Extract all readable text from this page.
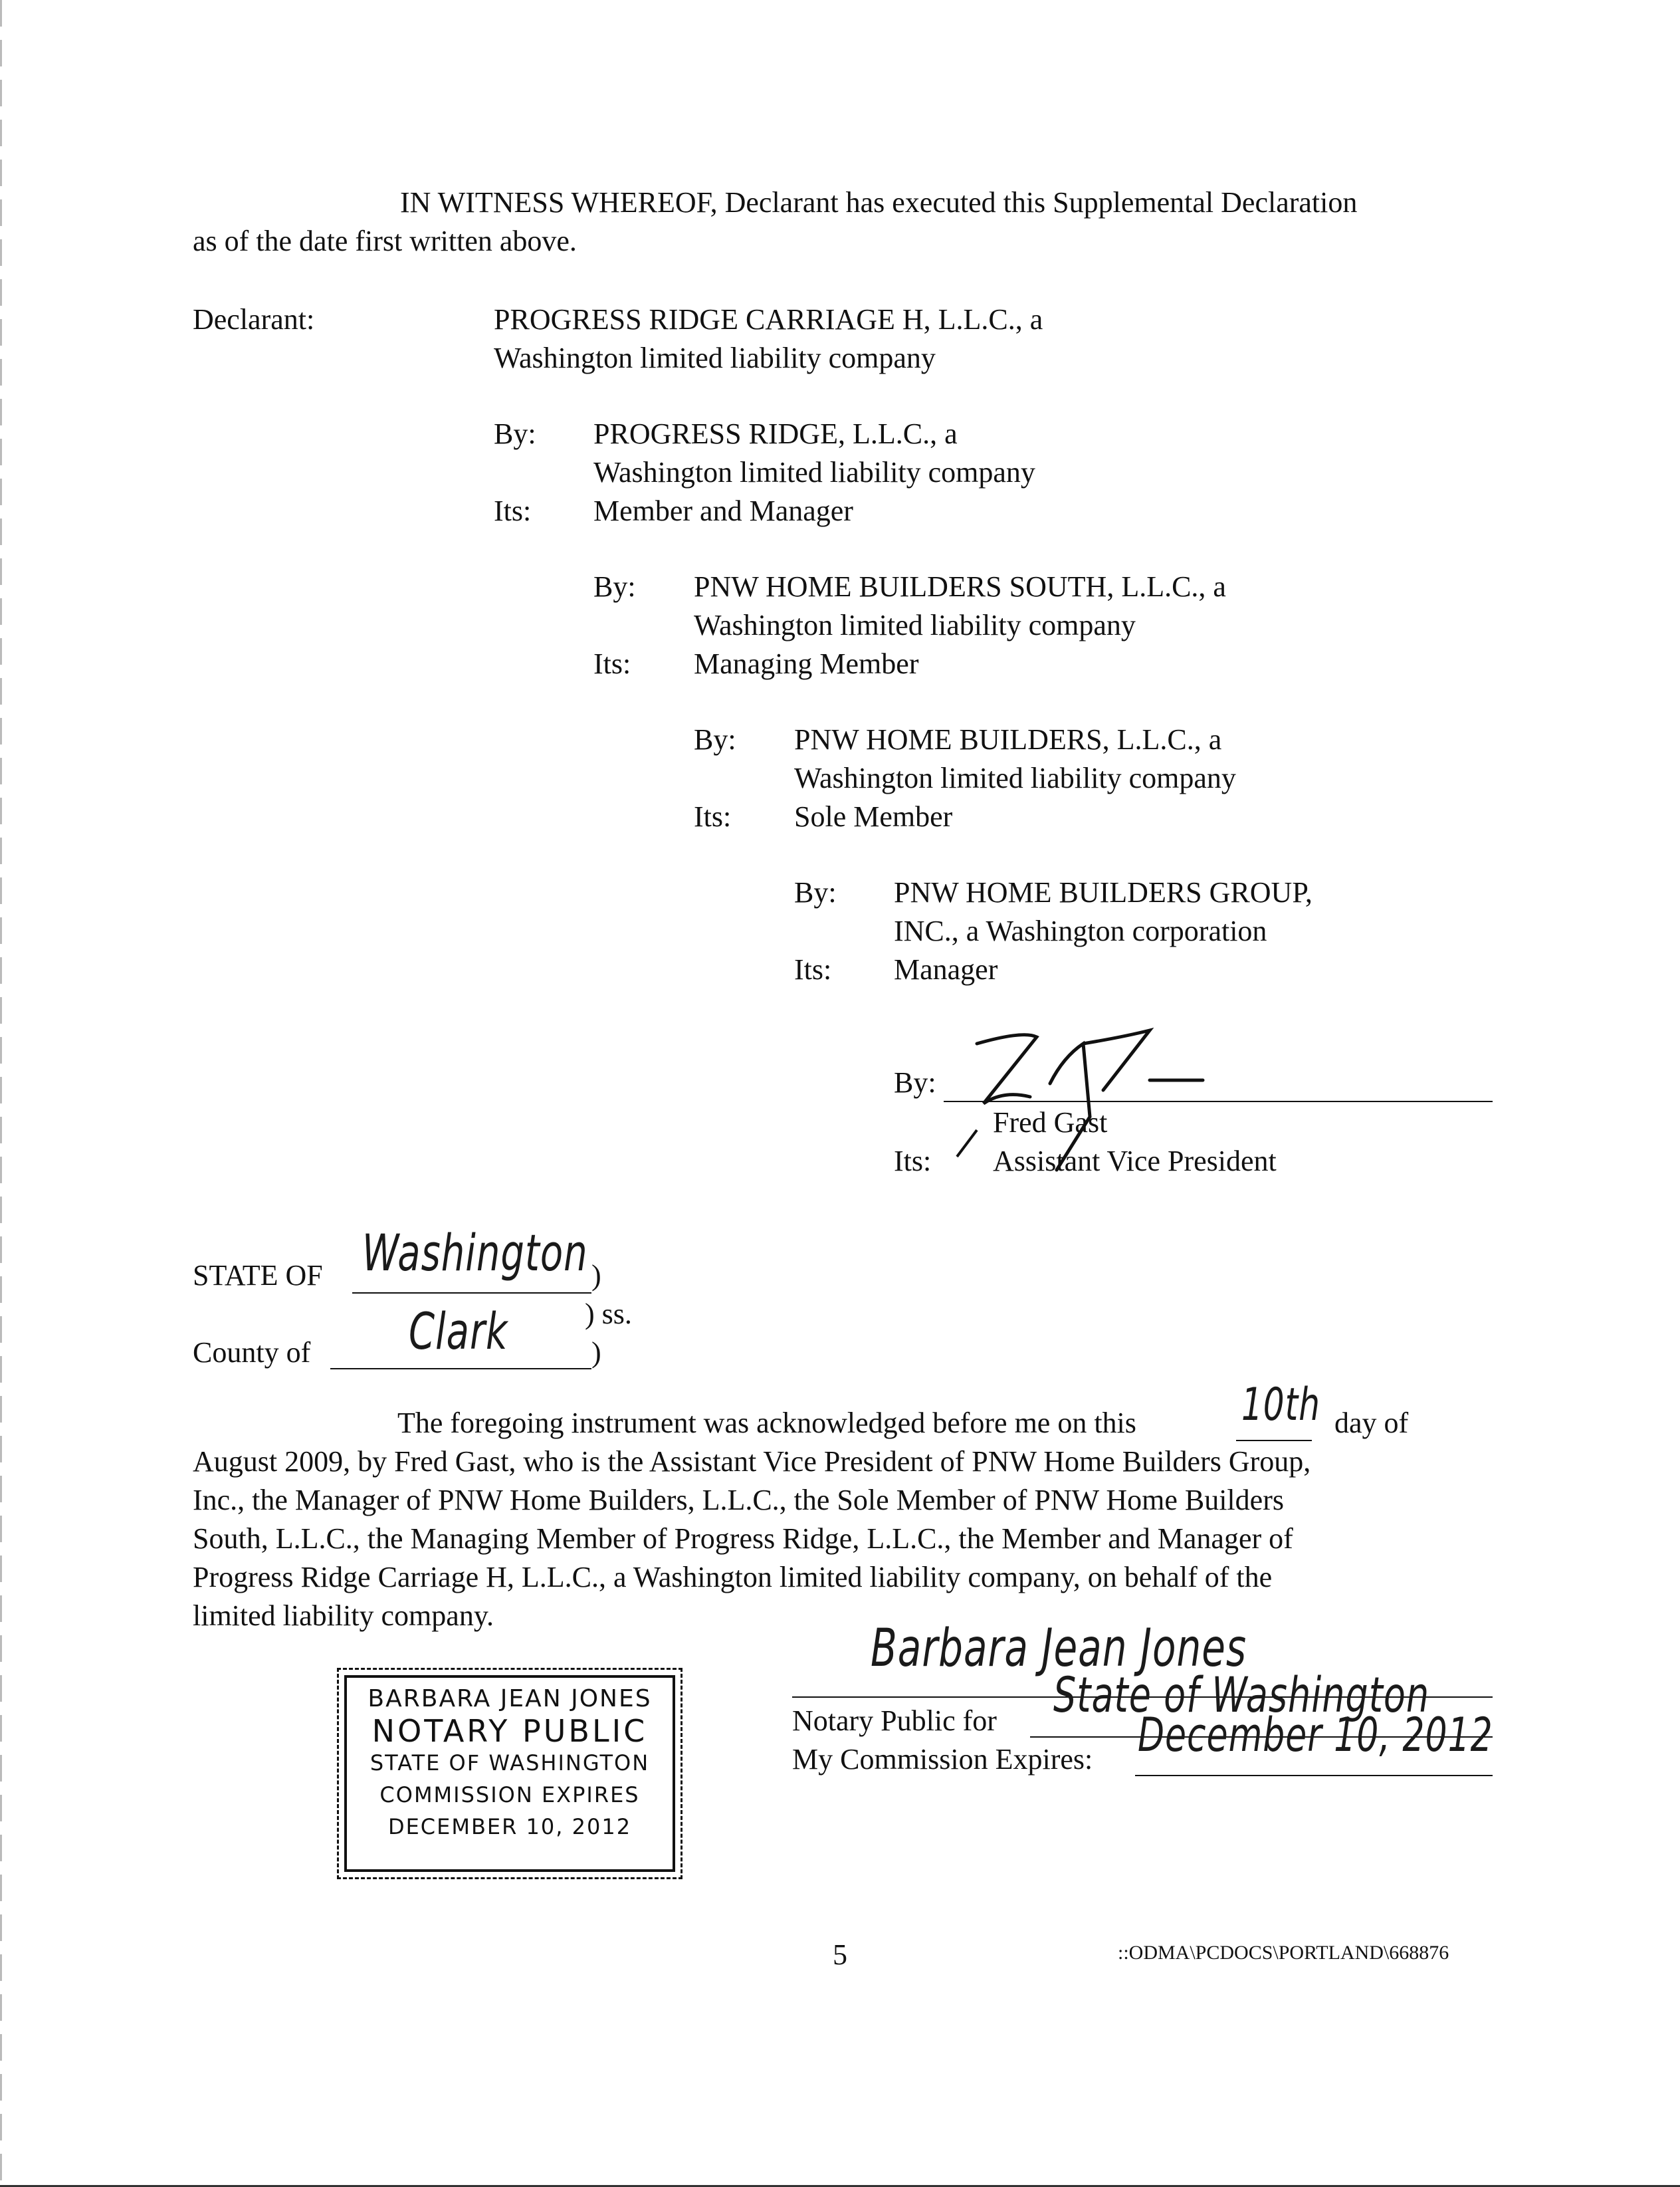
IN WITNESS WHEREOF, Declarant has executed this Supplemental Declaration
as of the date first written above.
Declarant:	PROGRESS RIDGE CARRIAGE H, L.L.C., a
Washington limited liability company
By: PROGRESS RIDGE, L.L.C., a
Washington limited liability company
Its: Member and Manager
By: PNW HOME BUILDERS SOUTH, L.L.C., a
Washington limited liability company
Its: Managing Member
By: PNW HOME BUILDERS, L.L.C., a
Washington limited liability company
Its: Sole Member
By: PNW HOME BUILDERS GROUP,
INC., a Washington corporation
Its: Manager
By:
Fred Gast
Its: Assistant Vice President
STATE OF Washington )
) ss.
County of	Clark	)
The foregoing instrument was acknowledged before me on this	10th day of
August 2009, by Fred Gast, who is the Assistant Vice President of PNW Home Builders Group,
Inc., the Manager of PNW Home Builders, L.L.C., the Sole Member of PNW Home Builders
South, L.L.C., the Managing Member of Progress Ridge, L.L.C., the Member and Manager of
Progress Ridge Carriage H, L.L.C., a Washington limited liability company, on behalf of the
limited liability company.
BARBARA JEAN JONES
NOTARY PUBLIC
STATE OF WASHINGTON
COMMISSION EXPIRES
DECEMBER 10, 2012
Barbara Jean Jones
Notary Public for State of Washington
My Commission Expires: December 10, 2012
5	::ODMA\PCDOCS\PORTLAND\668876
